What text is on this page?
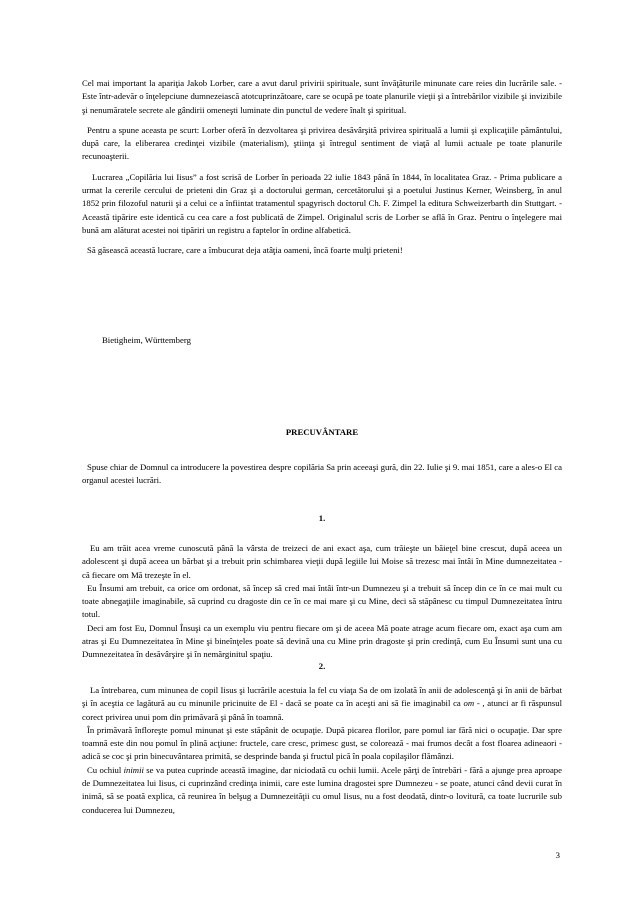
Cel mai important la apariţia Jakob Lorber, care a avut darul privirii spirituale, sunt învăţăturile minunate care reies din lucrările sale. - Este într-adevăr o înţelepciune dumnezeiască atotcuprinzătoare, care se ocupă pe toate planurile vieţii şi a întrebărilor vizibile şi invizibile şi nenumăratele secrete ale gândirii omeneşti luminate din punctul de vedere înalt şi spiritual.

Pentru a spune aceasta pe scurt: Lorber oferă în dezvoltarea şi privirea desăvârşită privirea spirituală a lumii şi explicaţiile pământului, după care, la eliberarea credinţei vizibile (materialism), ştiinţa şi întregul sentiment de viaţă al lumii actuale pe toate planurile recunoaşterii.

Lucrarea „Copilăria lui Iisus” a fost scrisă de Lorber în perioada 22 iulie 1843 până în 1844, în localitatea Graz. - Prima publicare a urmat la cererile cercului de prieteni din Graz şi a doctorului german, cercetătorului şi a poetului Justinus Kerner, Weinsberg, în anul 1852 prin filozoful naturii şi a celui ce a înfiintat tratamentul spagyrisch doctorul Ch. F. Zimpel la editura Schweizerbarth din Stuttgart. - Această tipărire este identică cu cea care a fost publicată de Zimpel. Originalul scris de Lorber se află în Graz. Pentru o înţelegere mai bună am alăturat acestei noi tipăriri un registru a faptelor în ordine alfabetică.

Să găsească această lucrare, care a îmbucurat deja atâţia oameni, încă foarte mulţi prieteni!

Bietigheim, Württemberg
PRECUVÂNTARE

Spuse chiar de Domnul ca introducere la povestirea despre copilăria Sa prin aceeaşi gură, din 22. Iulie şi 9. mai 1851, care a ales-o El ca organul acestei lucrări.

1.

Eu am trăit acea vreme cunoscută până la vârsta de treizeci de ani exact aşa, cum trăieşte un băieţel bine crescut, după aceea un adolescent şi după aceea un bărbat şi a trebuit prin schimbarea vieţii după legiile lui Moise să trezesc mai întâi în Mine dumnezeitatea - că fiecare om Mă trezeşte în el.

Eu Însumi am trebuit, ca orice om ordonat, să încep să cred mai întâi într-un Dumnezeu şi a trebuit să încep din ce în ce mai mult cu toate abnegaţiile imaginabile, să cuprind cu dragoste din ce în ce mai mare şi cu Mine, deci să stăpânesc cu timpul Dumnezeitatea întru totul.

Deci am fost Eu, Domnul Însuşi ca un exemplu viu pentru fiecare om şi de aceea Mă poate atrage acum fiecare om, exact aşa cum am atras şi Eu Dumnezeitatea în Mine şi bineînţeles poate să devină una cu Mine prin dragoste şi prin credinţă, cum Eu Însumi sunt una cu Dumnezeitatea în desăvârşire şi în nemărginitul spaţiu.

2.

La întrebarea, cum minunea de copil Iisus şi lucrările acestuia la fel cu viaţa Sa de om izolată în anii de adolescenţă şi în anii de bărbat şi în aceştia ce lagătură au cu minunile pricinuite de El - dacă se poate ca în aceşti ani să fie imaginabil ca om - , atunci ar fi răspunsul corect privirea unui pom din primăvară şi până în toamnă.

În primăvară înfloreşte pomul minunat şi este stăpânit de ocupaţie. După picarea florilor, pare pomul iar fără nici o ocupaţie. Dar spre toamnă este din nou pomul în plină acţiune: fructele, care cresc, primesc gust, se colorează - mai frumos decât a fost floarea adineaori - adică se coc şi prin binecuvântarea primită, se desprinde banda şi fructul pică în poala copilaşilor flămânzi.

Cu ochiul inimii se va putea cuprinde această imagine, dar niciodată cu ochii lumii. Acele părţi de întrebări - fără a ajunge prea aproape de Dumnezeitatea lui Iisus, ci cuprinzând credinţa inimii, care este lumina dragostei spre Dumnezeu - se poate, atunci când devii curat în inimă, să se poată explica, că reunirea în belşug a Dumnezeităţii cu omul Iisus, nu a fost deodată, dintr-o lovitură, ca toate lucrurile sub conducerea lui Dumnezeu,

3
